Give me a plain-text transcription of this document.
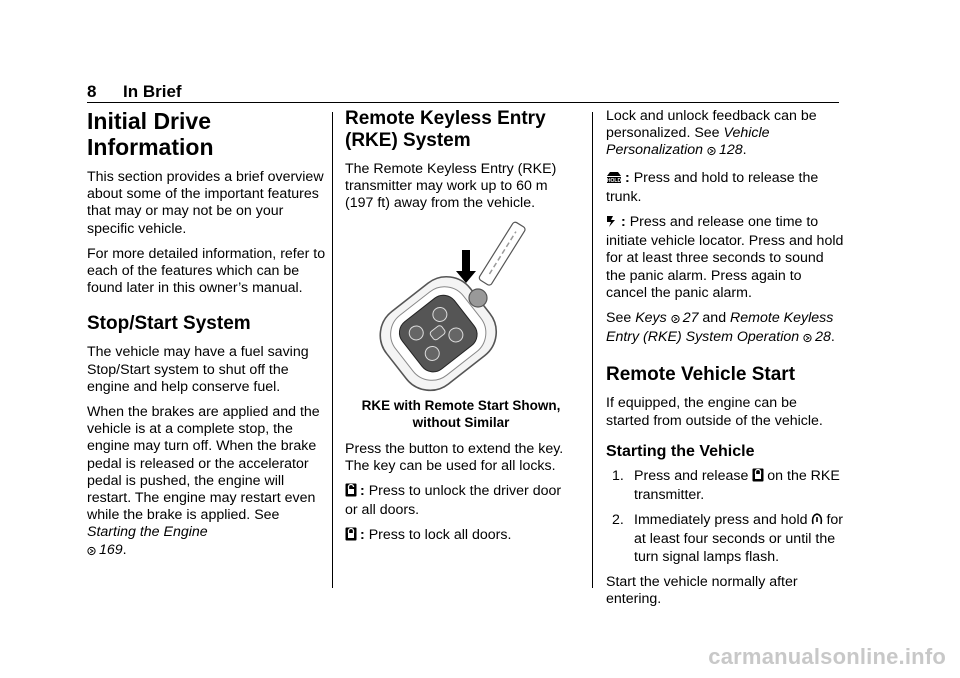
8 In Brief
Initial Drive Information

This section provides a brief overview about some of the important features that may or may not be on your specific vehicle.

For more detailed information, refer to each of the features which can be found later in this owner’s manual.

Stop/Start System

The vehicle may have a fuel saving Stop/Start system to shut off the engine and help conserve fuel.

When the brakes are applied and the vehicle is at a complete stop, the engine may turn off. When the brake pedal is released or the accelerator pedal is pushed, the engine will restart. The engine may restart even while the brake is applied. See Starting the Engine
169.

Remote Keyless Entry (RKE) System

The Remote Keyless Entry (RKE) transmitter may work up to 60 m (197 ft) away from the vehicle.

RKE with Remote Start Shown,
without Similar

Press the button to extend the key. The key can be used for all locks.

: Press to unlock the driver door or all doors.

: Press to lock all doors.

Lock and unlock feedback can be personalized. See Vehicle Personalization 128.

HOLD : Press and hold to release the trunk.

: Press and release one time to initiate vehicle locator. Press and hold for at least three seconds to sound the panic alarm. Press again to cancel the panic alarm.

See Keys 27 and Remote Keyless Entry (RKE) System Operation 28.

Remote Vehicle Start

If equipped, the engine can be started from outside of the vehicle.

Starting the Vehicle
1. Press and release on the RKE transmitter.
2. Immediately press and hold for at least four seconds or until the turn signal lamps flash.

Start the vehicle normally after entering.

carmanualsonline.info
